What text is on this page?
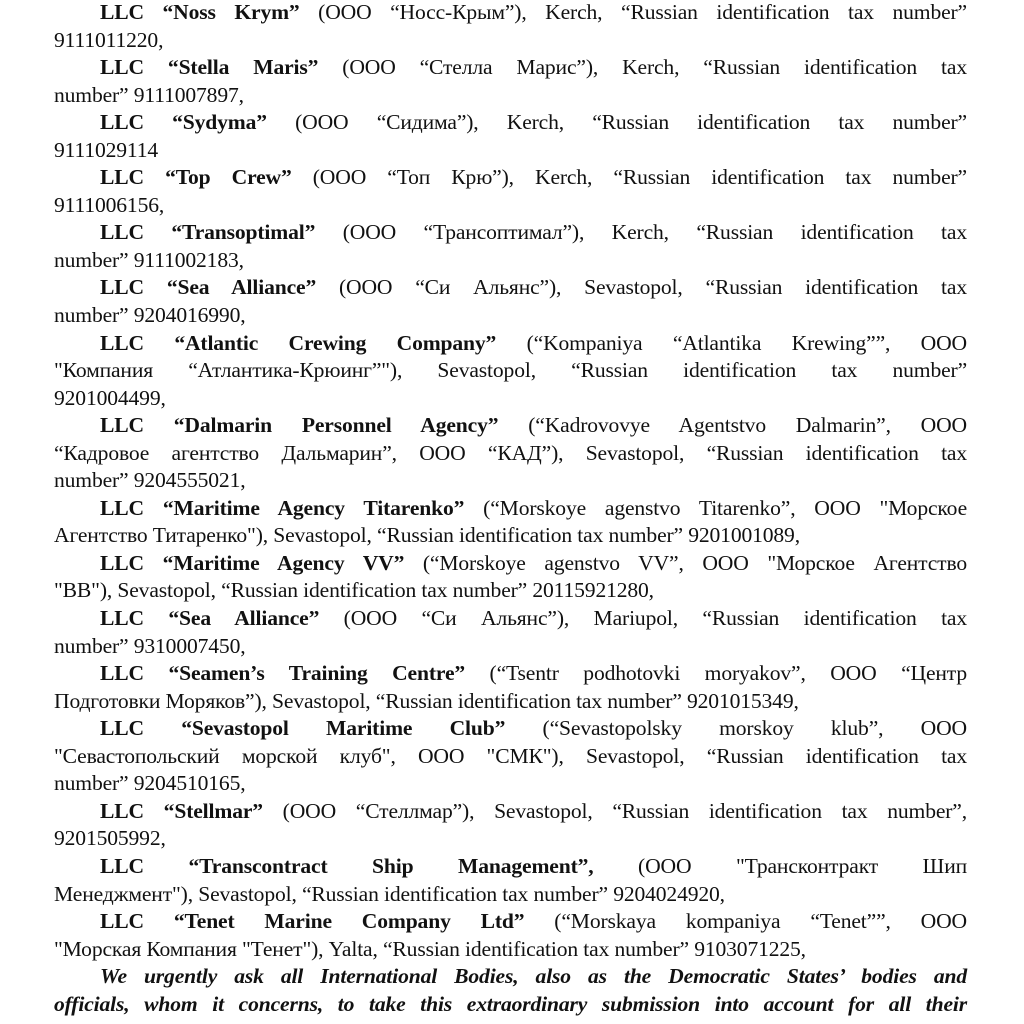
LLC “Noss Krym” (ООО “Носс-Крым”), Kerch, “Russian identification tax number”
9111011220,
LLC “Stella Maris” (ООО “Стелла Марис”), Kerch, “Russian identification tax
number” 9111007897,
LLC “Sydyma” (ООО “Сидима”), Kerch, “Russian identification tax number”
9111029114
LLC “Top Crew” (ООО “Топ Крю”), Kerch, “Russian identification tax number”
9111006156,
LLC “Transoptimal” (ООО “Трансоптимал”), Kerch, “Russian identification tax
number” 9111002183,
LLC “Sea Alliance” (ООО “Си Альянс”), Sevastopol, “Russian identification tax
number” 9204016990,
LLC “Atlantic Crewing Company” (“Kompaniya “Atlantika Krewing””, ООО
"Компания “Атлантика-Крюинг”"), Sevastopol, “Russian identification tax number”
9201004499,
LLC “Dalmarin Personnel Agency” (“Kadrovovye Agentstvo Dalmarin”, ООО
“Кадровое агентство Дальмарин”, ООО “КАД”), Sevastopol, “Russian identification tax
number” 9204555021,
LLC “Maritime Agency Titarenko” (“Morskoye agenstvo Titarenko”, ООО "Морское
Агентство Титаренко"), Sevastopol, “Russian identification tax number” 9201001089,
LLC “Maritime Agency VV” (“Morskoye agenstvo VV”, ООО "Морское Агентство
"ВВ"), Sevastopol, “Russian identification tax number” 20115921280,
LLC “Sea Alliance” (ООО “Си Альянс”), Mariupol, “Russian identification tax
number” 9310007450,
LLC “Seamen’s Training Centre” (“Tsentr podhotovki moryakov”, ООО “Центр
Подготовки Моряков”), Sevastopol, “Russian identification tax number” 9201015349,
LLC “Sevastopol Maritime Club” (“Sevastopolsky morskoy klub”, ООО
"Севастопольский морской клуб", ООО "СМК"), Sevastopol, “Russian identification tax
number” 9204510165,
LLC “Stellmar” (ООО “Стеллмар”), Sevastopol, “Russian identification tax number”,
9201505992,
LLC “Transcontract Ship Management”, (ООО "Трансконтракт Шип
Менеджмент"), Sevastopol, “Russian identification tax number” 9204024920,
LLC “Tenet Marine Company Ltd” (“Morskaya kompaniya “Tenet””, ООО
"Морская Компания "Тенет"), Yalta, “Russian identification tax number” 9103071225,
We urgently ask all International Bodies, also as the Democratic States’ bodies and
officials, whom it concerns, to take this extraordinary submission into account for all their
